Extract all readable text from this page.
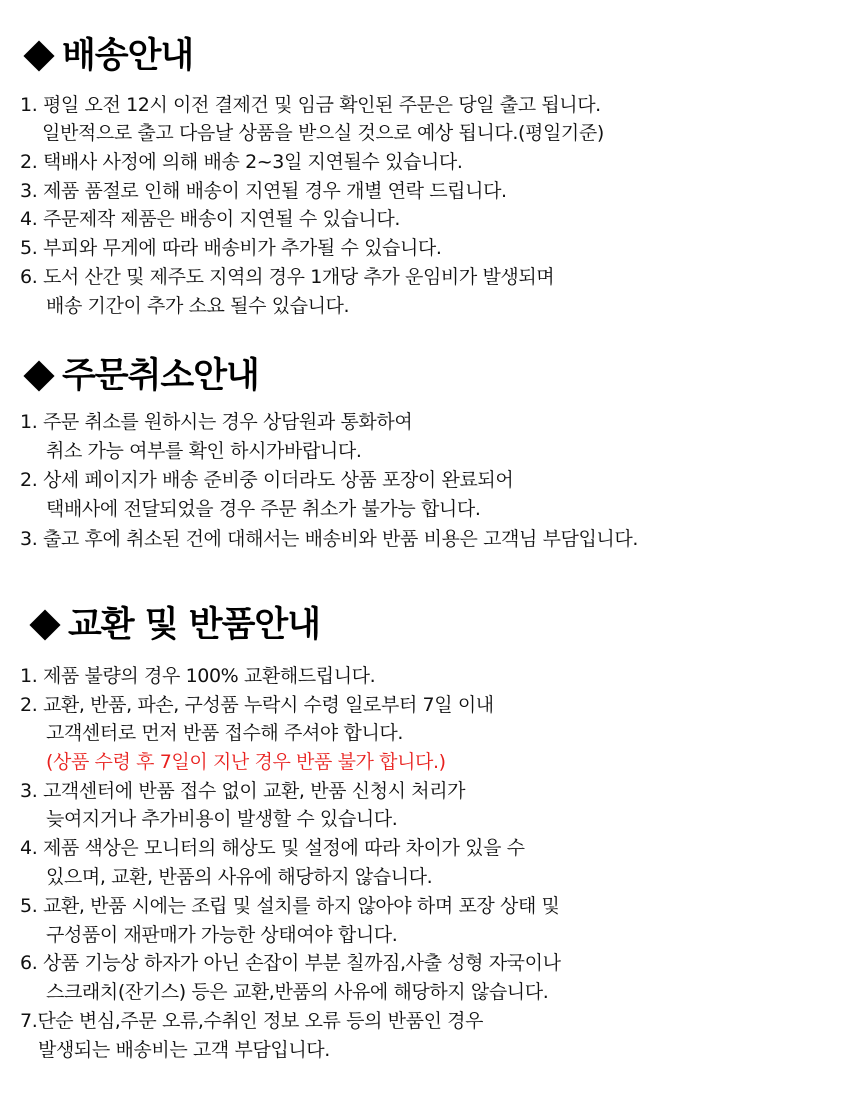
배송안내
1. 평일 오전 12시 이전 결제건 및 임금 확인된 주문은 당일 출고 됩니다.
일반적으로 출고 다음날 상품을 받으실 것으로 예상 됩니다.(평일기준)
2. 택배사 사정에 의해 배송 2~3일 지연될수 있습니다.
3. 제품 품절로 인해 배송이 지연될 경우 개별 연락 드립니다.
4. 주문제작 제품은 배송이 지연될 수 있습니다.
5. 부피와 무게에 따라 배송비가 추가될 수 있습니다.
6. 도서 산간 및 제주도 지역의 경우 1개당 추가 운임비가 발생되며
배송 기간이 추가 소요 될수 있습니다.
주문취소안내
1. 주문 취소를 원하시는 경우 상담원과 통화하여
취소 가능 여부를 확인 하시가바랍니다.
2. 상세 페이지가 배송 준비중 이더라도 상품 포장이 완료되어
택배사에 전달되었을 경우 주문 취소가 불가능 합니다.
3. 출고 후에 취소된 건에 대해서는 배송비와 반품 비용은 고객님 부담입니다.
교환 및 반품안내
1. 제품 불량의 경우 100% 교환해드립니다.
2. 교환, 반품, 파손, 구성품 누락시 수령 일로부터 7일 이내
고객센터로 먼저 반품 접수해 주셔야 합니다.
(상품 수령 후 7일이 지난 경우 반품 불가 합니다.)
3. 고객센터에 반품 접수 없이 교환, 반품 신청시 처리가
늦여지거나 추가비용이 발생할 수 있습니다.
4. 제품 색상은 모니터의 해상도 및 설정에 따라 차이가 있을 수
있으며, 교환, 반품의 사유에 해당하지 않습니다.
5. 교환, 반품 시에는 조립 및 설치를 하지 않아야 하며 포장 상태 및
구성품이 재판매가 가능한 상태여야 합니다.
6. 상품 기능상 하자가 아닌 손잡이 부분 칠까짐,사출 성형 자국이나
스크래치(잔기스) 등은 교환,반품의 사유에 해당하지 않습니다.
7.단순 변심,주문 오류,수취인 정보 오류 등의 반품인 경우
발생되는 배송비는 고객 부담입니다.
